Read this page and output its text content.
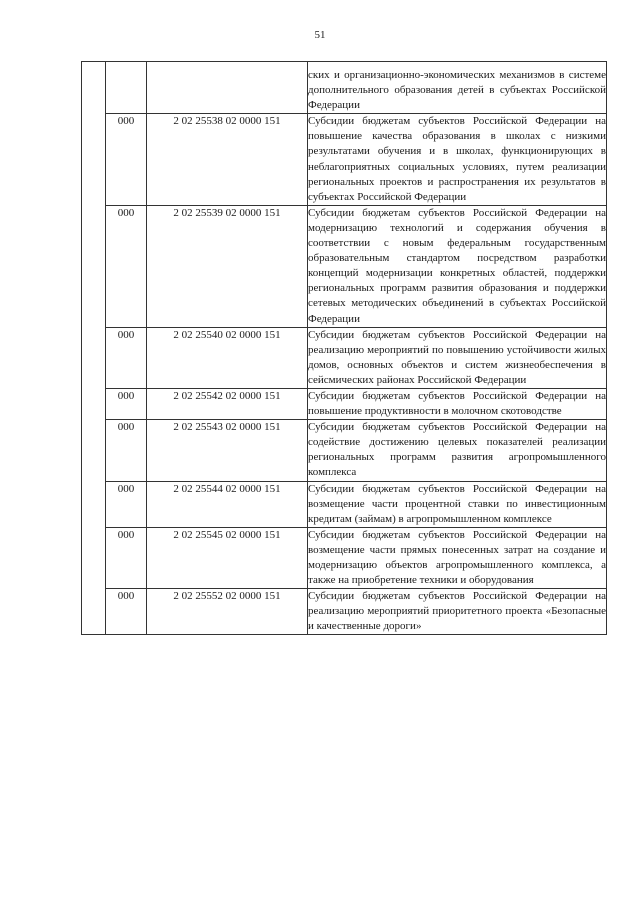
51
			ских и организационно-экономических механизмов в системе дополнительного образования детей в субъектах Российской Федерации
	000	2 02 25538 02 0000 151	Субсидии бюджетам субъектов Российской Федерации на повышение качества образования в школах с низкими результатами обучения и в школах, функционирующих в неблагоприятных социальных условиях, путем реализации региональных проектов и распространения их результатов в субъектах Российской Федерации
	000	2 02 25539 02 0000 151	Субсидии бюджетам субъектов Российской Федерации на модернизацию технологий и содержания обучения в соответствии с новым федеральным государственным образовательным стандартом посредством разработки концепций модернизации конкретных областей, поддержки региональных программ развития образования и поддержки сетевых методических объединений в субъектах Российской Федерации
	000	2 02 25540 02 0000 151	Субсидии бюджетам субъектов Российской Федерации на реализацию мероприятий по повышению устойчивости жилых домов, основных объектов и систем жизнеобеспечения в сейсмических районах Российской Федерации
	000	2 02 25542 02 0000 151	Субсидии бюджетам субъектов Российской Федерации на повышение продуктивности в молочном скотоводстве
	000	2 02 25543 02 0000 151	Субсидии бюджетам субъектов Российской Федерации на содействие достижению целевых показателей реализации региональных программ развития агропромышленного комплекса
	000	2 02 25544 02 0000 151	Субсидии бюджетам субъектов Российской Федерации на возмещение части процентной ставки по инвестиционным кредитам (займам) в агропромышленном комплексе
	000	2 02 25545 02 0000 151	Субсидии бюджетам субъектов Российской Федерации на возмещение части прямых понесенных затрат на создание и модернизацию объектов агропромышленного комплекса, а также на приобретение техники и оборудования
	000	2 02 25552 02 0000 151	Субсидии бюджетам субъектов Российской Федерации на реализацию мероприятий приоритетного проекта «Безопасные и качественные дороги»
